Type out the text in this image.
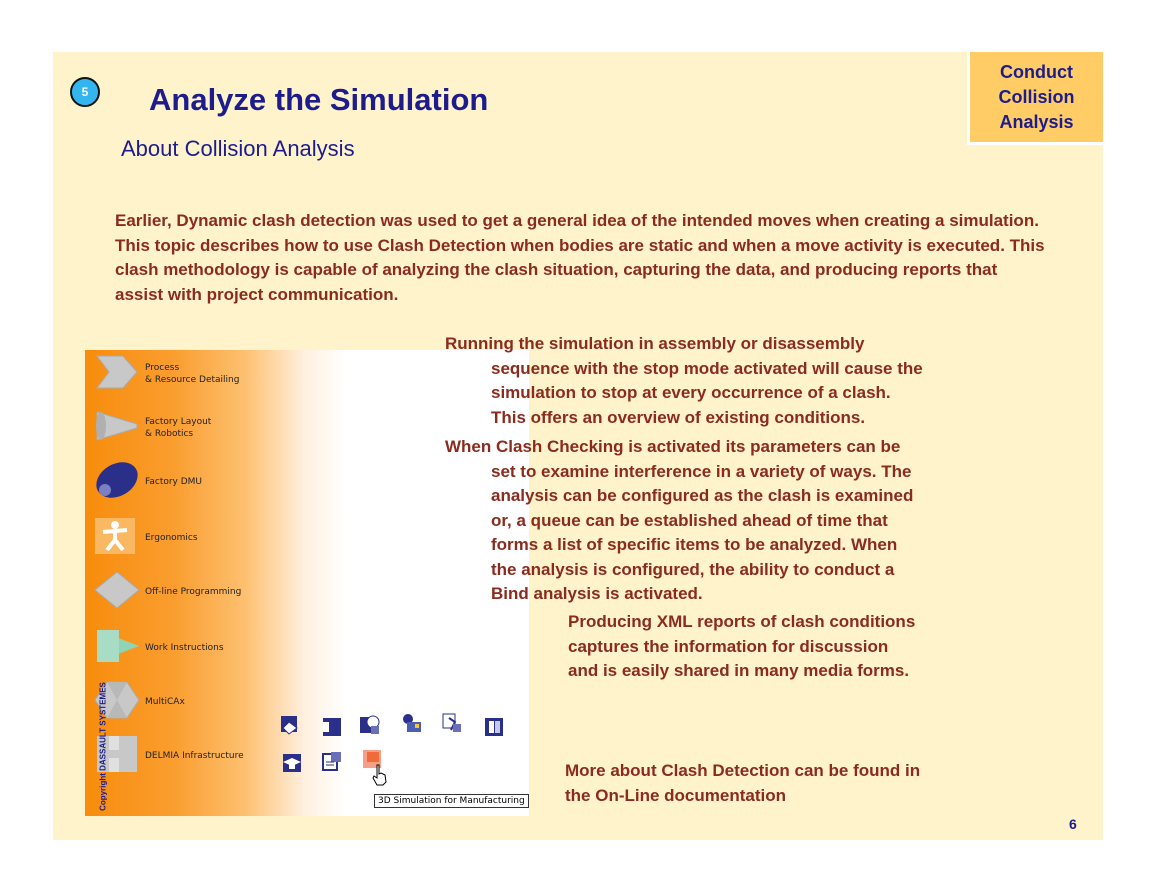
5	Analyze the Simulation
About Collision Analysis
Conduct
Collision
Analysis
Earlier, Dynamic clash detection was used to get a general idea of the intended moves when creating a simulation. This topic describes how to use Clash Detection when bodies are static and when a move activity is executed. This clash methodology is capable of analyzing the clash situation, capturing the data, and producing reports that assist with project communication.
Process
& Resource Detailing
Factory Layout
& Robotics
Factory DMU
Ergonomics
Off-line Programming
Work Instructions
MultiCAx
DELMIA Infrastructure
3D Simulation for Manufacturing
Running the simulation in assembly or disassembly
sequence with the stop mode activated will cause the
simulation to stop at every occurrence of a clash.
This offers an overview of existing conditions.
When Clash Checking is activated its parameters can be
set to examine interference in a variety of ways. The
analysis can be configured as the clash is examined
or, a queue can be established ahead of time that
forms a list of specific items to be analyzed. When
the analysis is configured, the ability to conduct a
Bind analysis is activated.
Producing XML reports of clash conditions
captures the information for discussion
and is easily shared in many media forms.
More about Clash Detection can be found in
the On-Line documentation
Copyright DASSAULT SYSTEMES
6
